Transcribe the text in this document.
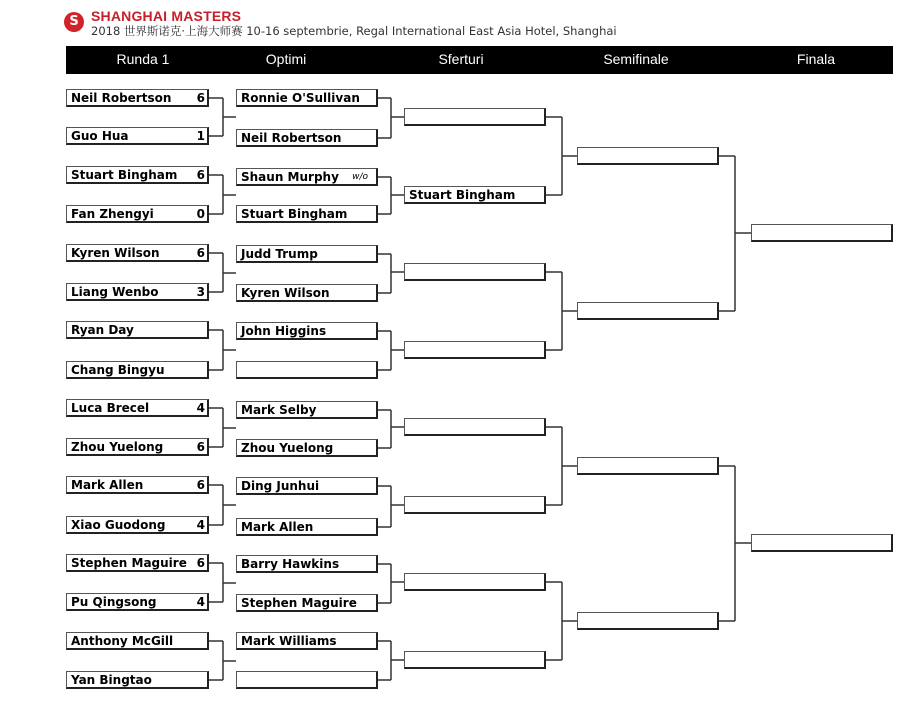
S SHANGHAI MASTERS
2018 世界斯诺克·上海大师赛 10-16 septembrie, Regal International East Asia Hotel, Shanghai
Runda 1	Optimi	Sferturi	Semifinale	Finala
Neil Robertson 6
Guo Hua	1
Stuart Bingham 6
Fan Zhengyi	0
Kyren Wilson	6
Liang Wenbo	3
Ryan Day
Chang Bingyu
Luca Brecel	4
Zhou Yuelong	6
Mark Allen	6
Xiao Guodong	4
Stephen Maguire 6
Pu Qingsong	4
Anthony McGill
Yan Bingtao
Ronnie O'Sullivan
Neil Robertson
Shaun Murphy w/o
Stuart Bingham
Judd Trump
Kyren Wilson
John Higgins
Mark Selby
Zhou Yuelong
Ding Junhui
Mark Allen
Barry Hawkins
Stephen Maguire
Mark Williams
Stuart Bingham
